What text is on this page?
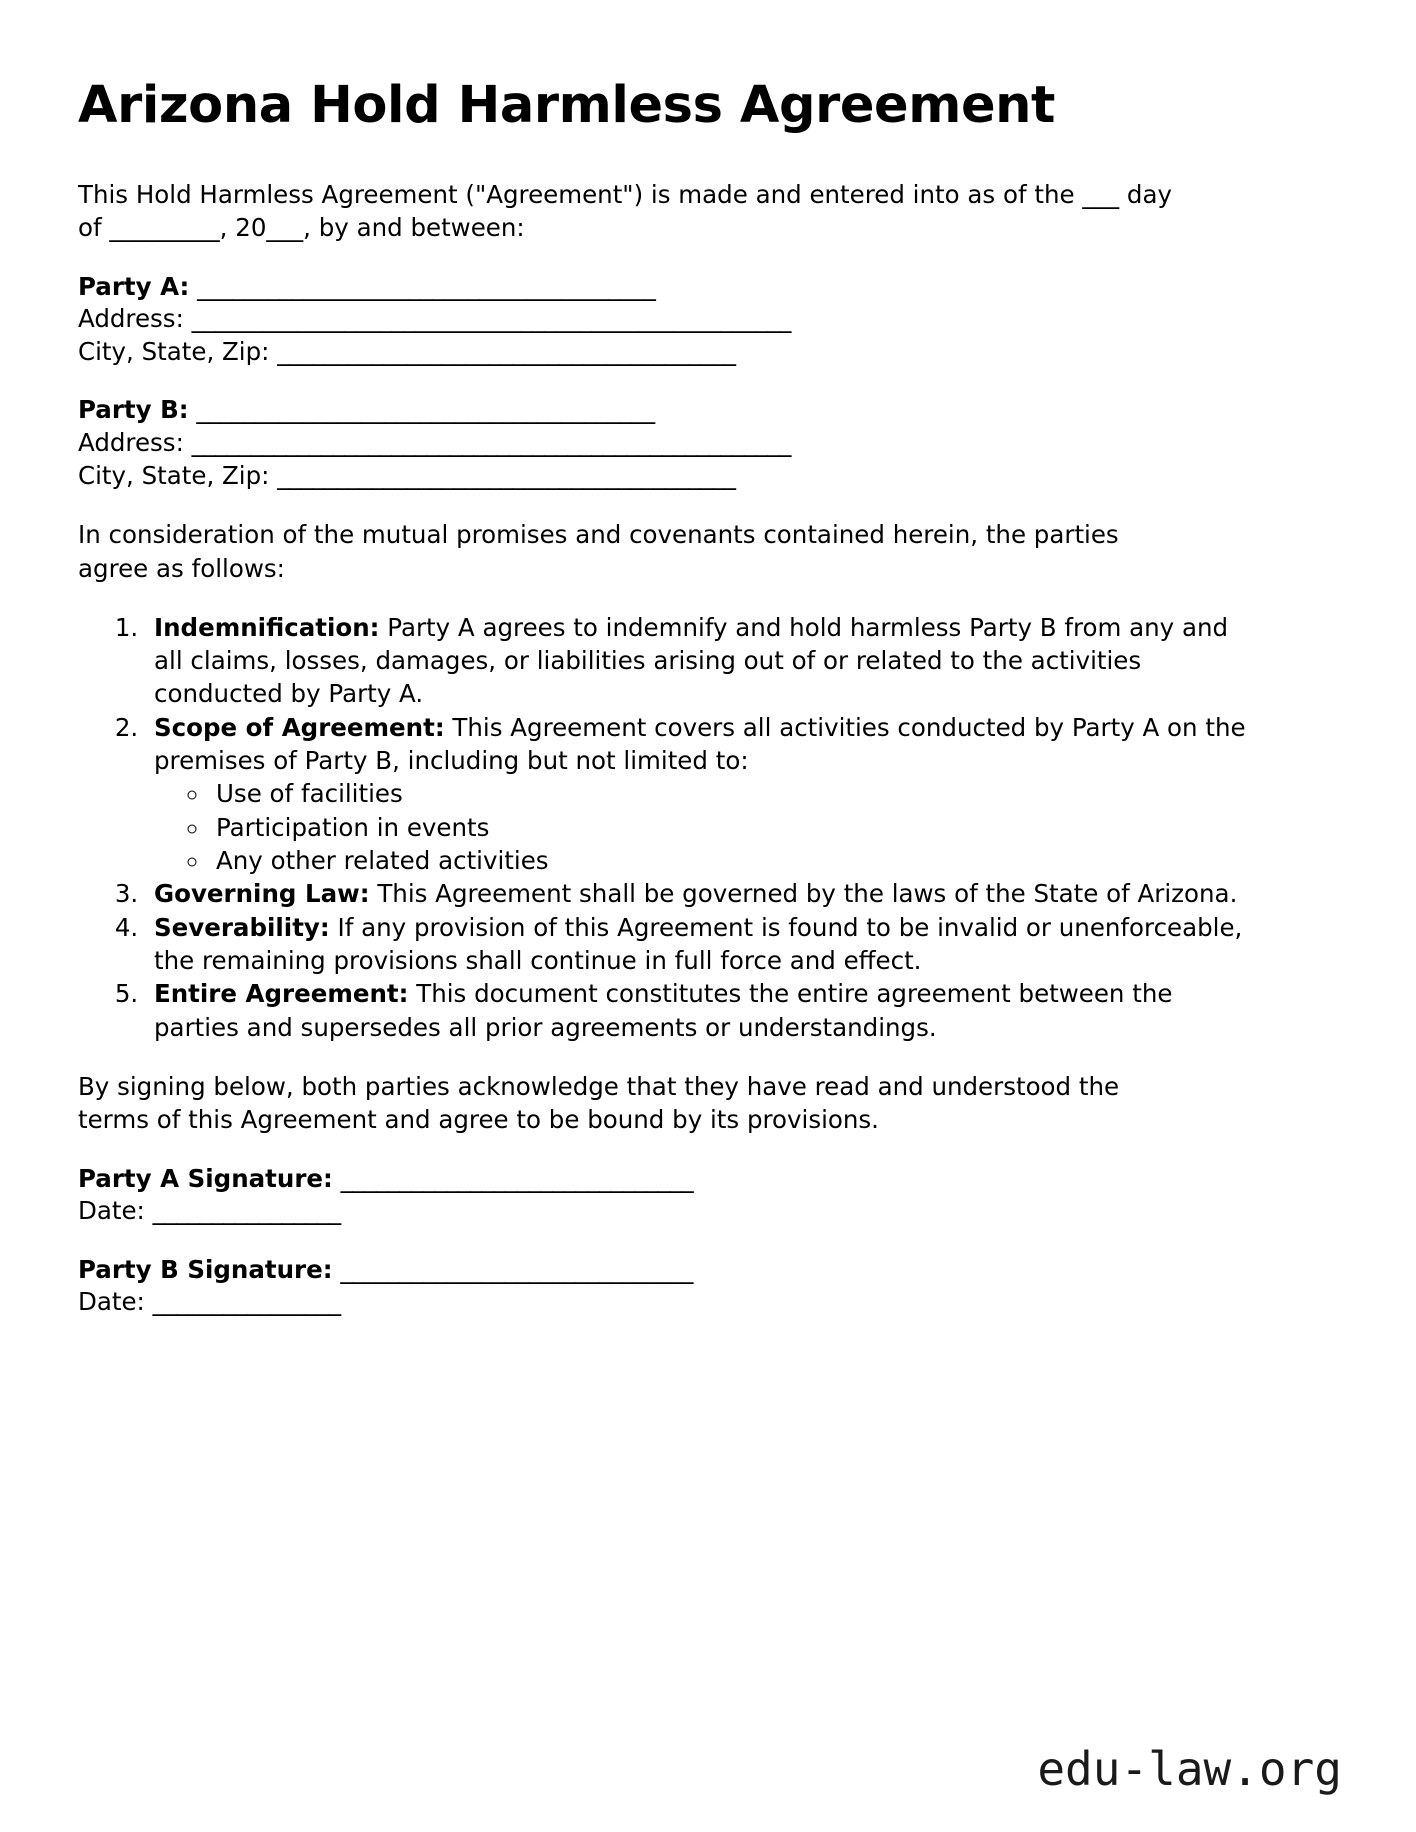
Arizona Hold Harmless Agreement

This Hold Harmless Agreement ("Agreement") is made and entered into as of the ___ day of _________, 20___, by and between:

Party A: _______________________________________
Address: ___________________________________________________
City, State, Zip: _______________________________________
Party B: _______________________________________
Address: ___________________________________________________
City, State, Zip: _______________________________________

In consideration of the mutual promises and covenants contained herein, the parties agree as follows:

1. Indemnification: Party A agrees to indemnify and hold harmless Party B from any and all claims, losses, damages, or liabilities arising out of or related to the activities conducted by Party A.
2. Scope of Agreement: This Agreement covers all activities conducted by Party A on the premises of Party B, including but not limited to:
◦ Use of facilities
◦ Participation in events
◦ Any other related activities
3. Governing Law: This Agreement shall be governed by the laws of the State of Arizona.
4. Severability: If any provision of this Agreement is found to be invalid or unenforceable, the remaining provisions shall continue in full force and effect.
5. Entire Agreement: This document constitutes the entire agreement between the parties and supersedes all prior agreements or understandings.

By signing below, both parties acknowledge that they have read and understood the terms of this Agreement and agree to be bound by its provisions.

Party A Signature: ______________________________
Date: ________________
Party B Signature: ______________________________
Date: ________________
edu-law.org
